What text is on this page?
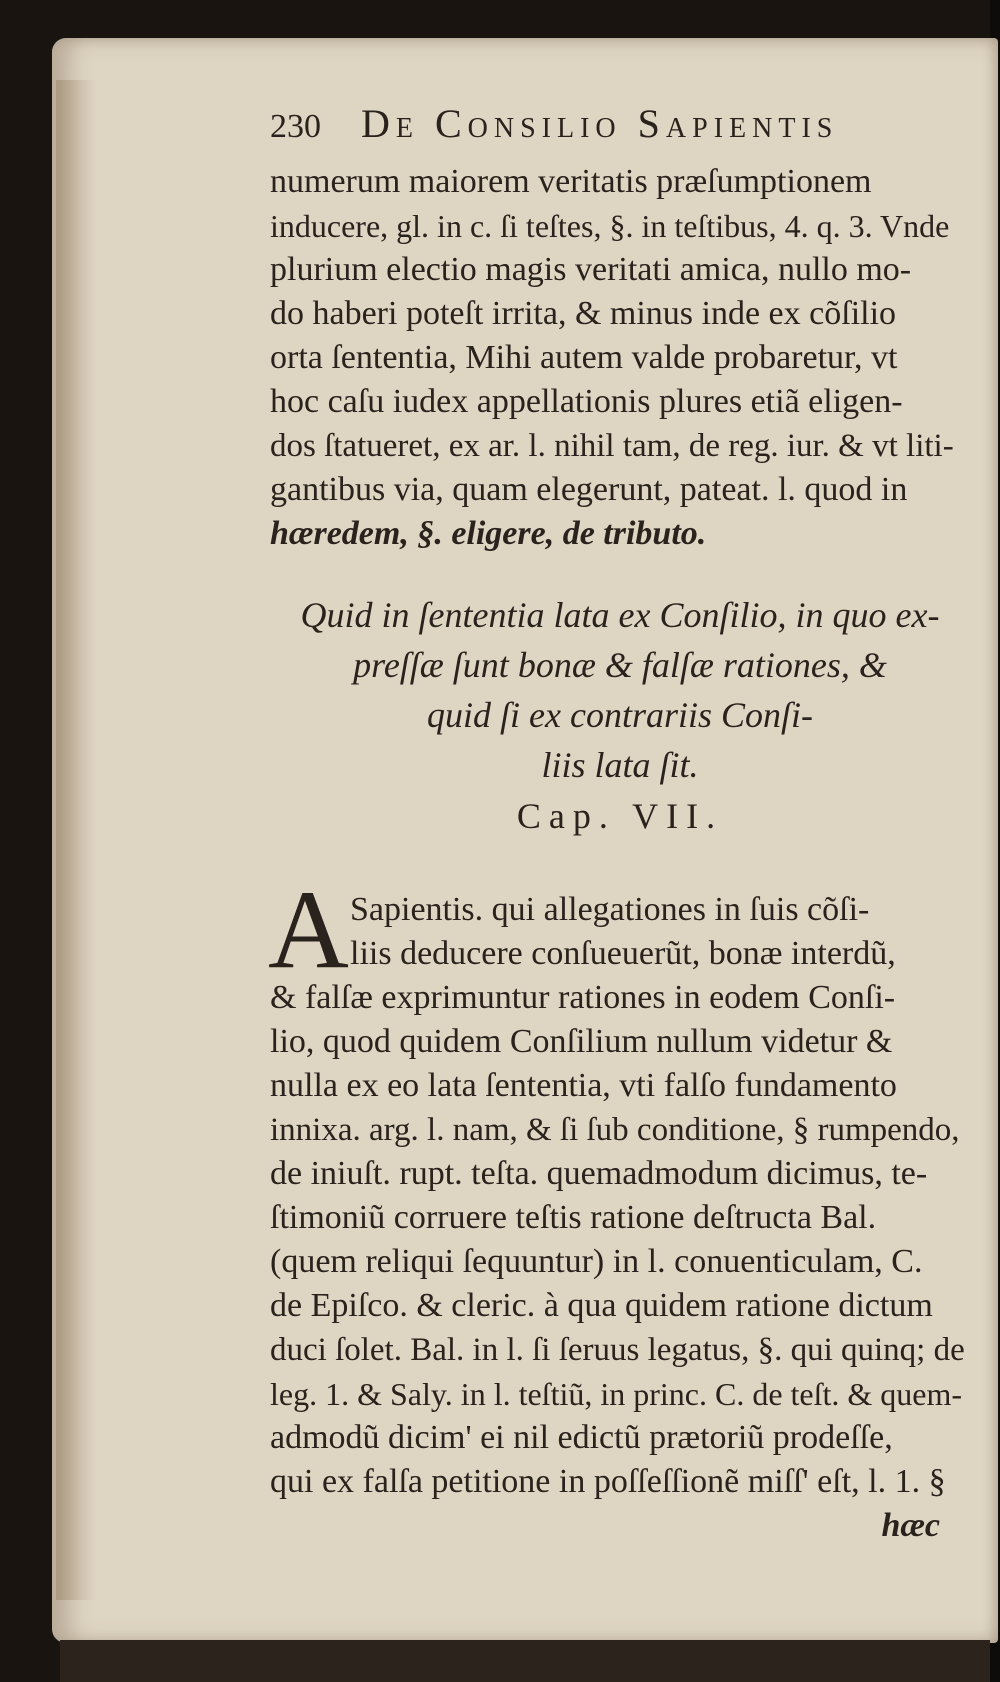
230 De Consilio Sapientis
numerum maiorem veritatis præſumptionem
inducere, gl. in c. ſi teſtes, §. in teſtibus, 4. q. 3. Vnde
plurium electio magis veritati amica, nullo mo-
do haberi poteſt irrita, & minus inde ex cõſilio
orta ſententia, Mihi autem valde probaretur, vt
hoc caſu iudex appellationis plures etiã eligen-
dos ſtatueret, ex ar. l. nihil tam, de reg. iur. & vt liti-
gantibus via, quam elegerunt, pateat. l. quod in
hæredem, §. eligere, de tributo.
Quid in ſententia lata ex Conſilio, in quo ex-
preſſæ ſunt bonæ & falſæ rationes, &
quid ſi ex contrariis Conſi-
liis lata ſit.
Cap. VII.
A Sapientis. qui allegationes in ſuis cõſi-
liis deducere conſueuerũt, bonæ interdũ,
& falſæ exprimuntur rationes in eodem Conſi-
lio, quod quidem Conſilium nullum videtur &
nulla ex eo lata ſententia, vti falſo fundamento
innixa. arg. l. nam, & ſi ſub conditione, § rumpendo,
de iniuſt. rupt. teſta. quemadmodum dicimus, te-
ſtimoniũ corruere teſtis ratione deſtructa Bal.
(quem reliqui ſequuntur) in l. conuenticulam, C.
de Epiſco. & cleric. à qua quidem ratione dictum
duci ſolet. Bal. in l. ſi ſeruus legatus, §. qui quinq; de
leg. 1. & Saly. in l. teſtiũ, in princ. C. de teſt. & quem-
admodũ dicim' ei nil edictũ prætoriũ prodeſſe,
qui ex falſa petitione in poſſeſſionẽ miſſ' eſt, l. 1. §
hæc
